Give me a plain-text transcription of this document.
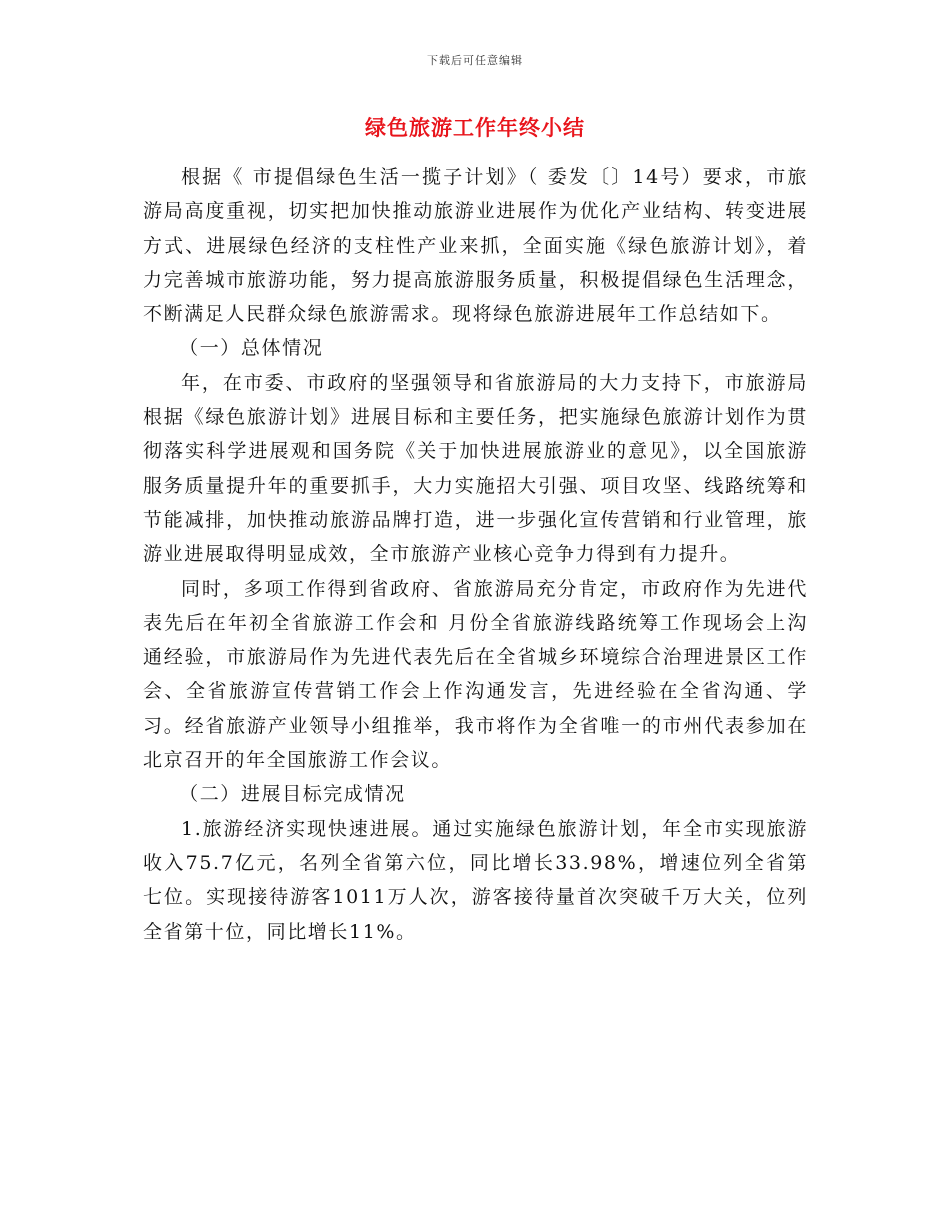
下载后可任意编辑
绿色旅游工作年终小结

根据《 市提倡绿色生活一揽子计划》（ 委发〔〕14号）要求，市旅游局高度重视，切实把加快推动旅游业进展作为优化产业结构、转变进展方式、进展绿色经济的支柱性产业来抓，全面实施《绿色旅游计划》，着力完善城市旅游功能，努力提高旅游服务质量，积极提倡绿色生活理念，不断满足人民群众绿色旅游需求。现将绿色旅游进展年工作总结如下。

（一）总体情况

年，在市委、市政府的坚强领导和省旅游局的大力支持下，市旅游局根据《绿色旅游计划》进展目标和主要任务，把实施绿色旅游计划作为贯彻落实科学进展观和国务院《关于加快进展旅游业的意见》，以全国旅游服务质量提升年的重要抓手，大力实施招大引强、项目攻坚、线路统筹和节能减排，加快推动旅游品牌打造，进一步强化宣传营销和行业管理，旅游业进展取得明显成效，全市旅游产业核心竞争力得到有力提升。

同时，多项工作得到省政府、省旅游局充分肯定，市政府作为先进代表先后在年初全省旅游工作会和 月份全省旅游线路统筹工作现场会上沟通经验，市旅游局作为先进代表先后在全省城乡环境综合治理进景区工作会、全省旅游宣传营销工作会上作沟通发言，先进经验在全省沟通、学习。经省旅游产业领导小组推举，我市将作为全省唯一的市州代表参加在北京召开的年全国旅游工作会议。

（二）进展目标完成情况

1.旅游经济实现快速进展。通过实施绿色旅游计划，年全市实现旅游收入75.7亿元，名列全省第六位，同比增长33.98%，增速位列全省第七位。实现接待游客1011万人次，游客接待量首次突破千万大关，位列全省第十位，同比增长11%。
